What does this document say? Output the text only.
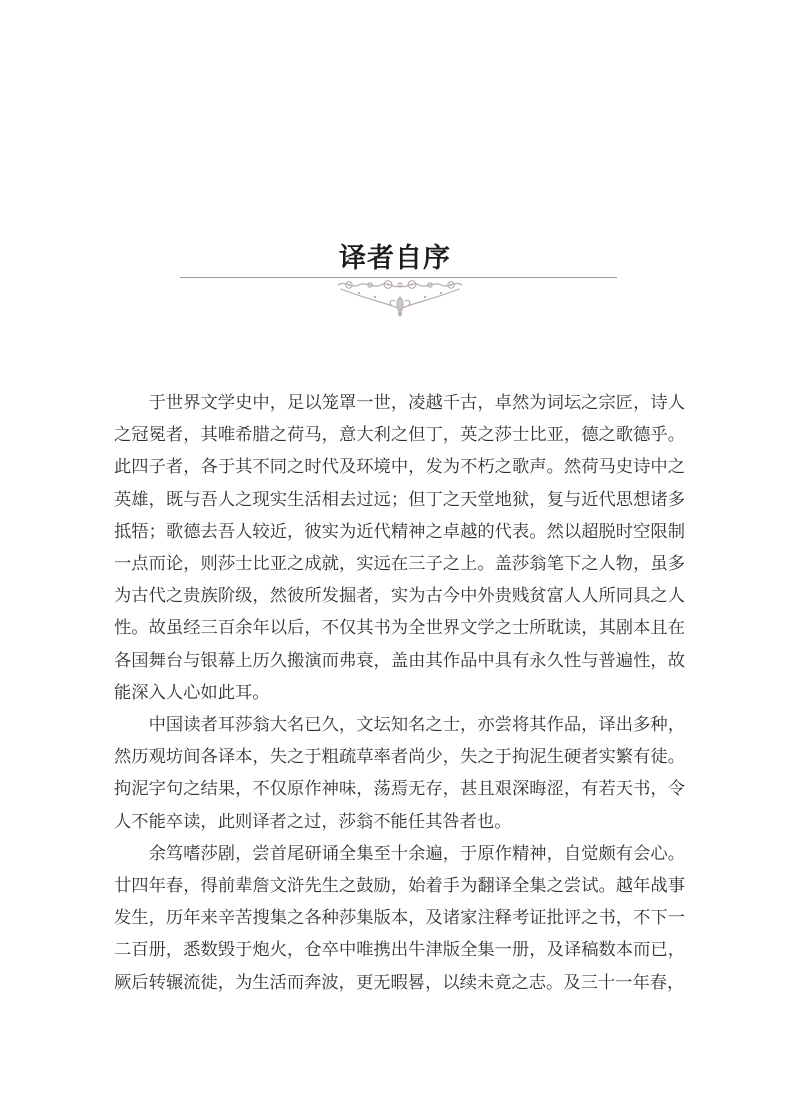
译者自序

于世界文学史中，足以笼罩一世，凌越千古，卓然为词坛之宗匠，诗人之冠冕者，其唯希腊之荷马，意大利之但丁，英之莎士比亚，德之歌德乎。此四子者，各于其不同之时代及环境中，发为不朽之歌声。然荷马史诗中之英雄，既与吾人之现实生活相去过远；但丁之天堂地狱，复与近代思想诸多抵牾；歌德去吾人较近，彼实为近代精神之卓越的代表。然以超脱时空限制一点而论，则莎士比亚之成就，实远在三子之上。盖莎翁笔下之人物，虽多为古代之贵族阶级，然彼所发掘者，实为古今中外贵贱贫富人人所同具之人性。故虽经三百余年以后，不仅其书为全世界文学之士所耽读，其剧本且在各国舞台与银幕上历久搬演而弗衰，盖由其作品中具有永久性与普遍性，故能深入人心如此耳。

中国读者耳莎翁大名已久，文坛知名之士，亦尝将其作品，译出多种，然历观坊间各译本，失之于粗疏草率者尚少，失之于拘泥生硬者实繁有徒。拘泥字句之结果，不仅原作神味，荡焉无存，甚且艰深晦涩，有若天书，令人不能卒读，此则译者之过，莎翁不能任其咎者也。

余笃嗜莎剧，尝首尾研诵全集至十余遍，于原作精神，自觉颇有会心。廿四年春，得前辈詹文浒先生之鼓励，始着手为翻译全集之尝试。越年战事发生，历年来辛苦搜集之各种莎集版本，及诸家注释考证批评之书，不下一二百册，悉数毁于炮火，仓卒中唯携出牛津版全集一册，及译稿数本而已，厥后转辗流徙，为生活而奔波，更无暇晷，以续未竟之志。及三十一年春，
